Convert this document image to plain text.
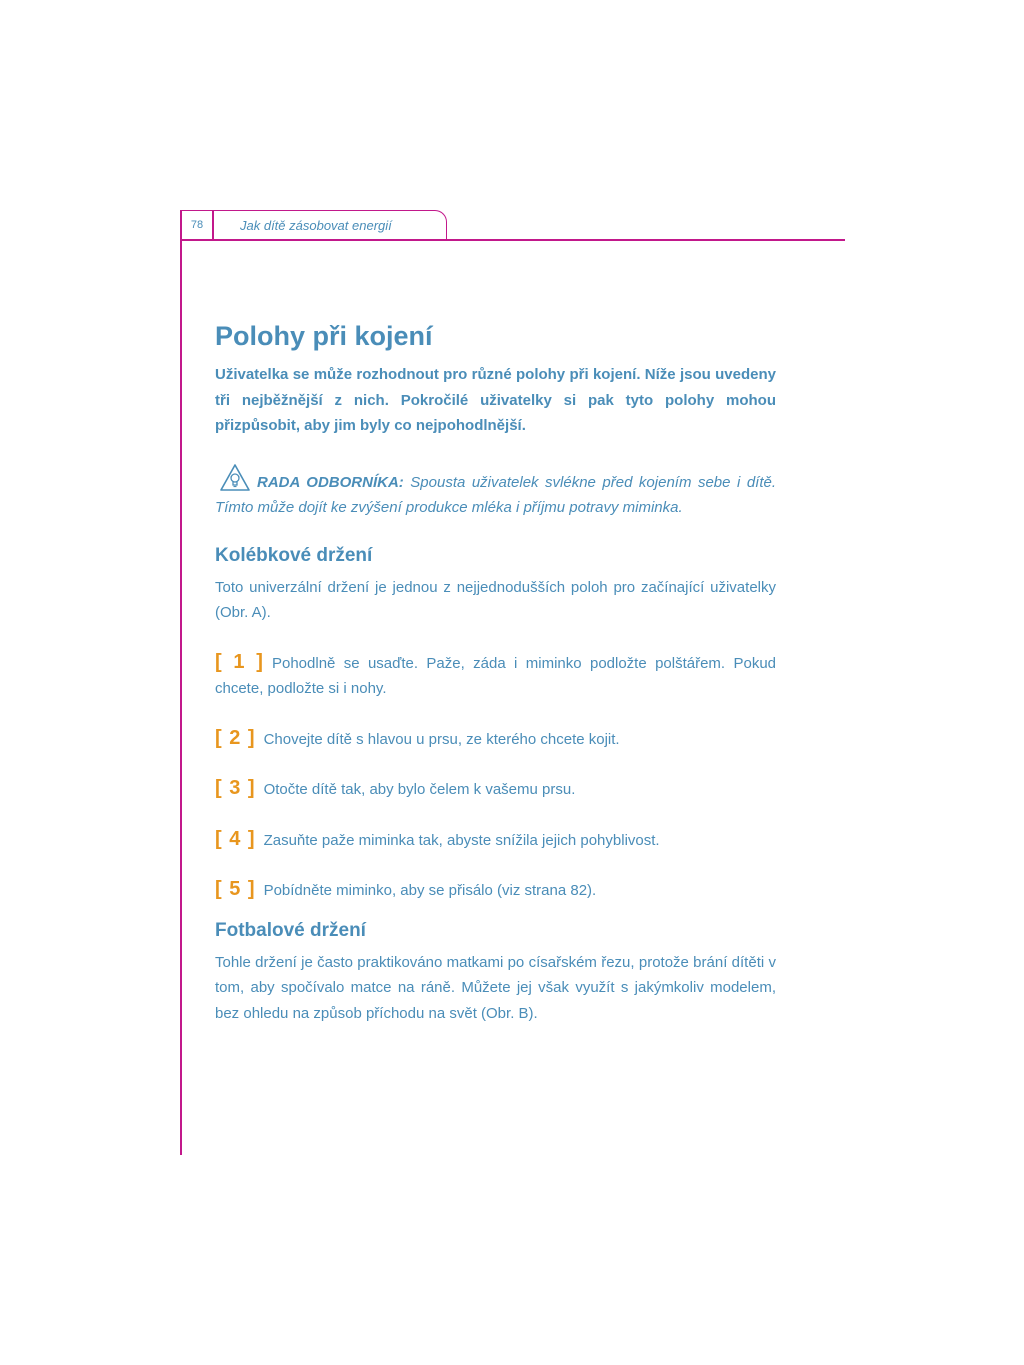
78	Jak dítě zásobovat energií
Polohy při kojení

Uživatelka se může rozhodnout pro různé polohy při kojení. Níže jsou uvedeny tři nejběžnější z nich. Pokročilé uživatelky si pak tyto polohy mohou přizpůsobit, aby jim byly co nejpohodlnější.

RADA ODBORNÍKA: Spousta uživatelek svlékne před kojením sebe i dítě. Tímto může dojít ke zvýšení produkce mléka i příjmu potravy miminka.

Kolébkové držení

Toto univerzální držení je jednou z nejjednodušších poloh pro začínající uživatelky (Obr. A).

[ 1 ] Pohodlně se usaďte. Paže, záda i miminko podložte polštářem. Pokud chcete, podložte si i nohy.
[ 2 ] Chovejte dítě s hlavou u prsu, ze kterého chcete kojit.
[ 3 ] Otočte dítě tak, aby bylo čelem k vašemu prsu.
[ 4 ] Zasuňte paže miminka tak, abyste snížila jejich pohyblivost.
[ 5 ] Pobídněte miminko, aby se přisálo (viz strana 82).
Fotbalové držení

Tohle držení je často praktikováno matkami po císařském řezu, protože brání dítěti v tom, aby spočívalo matce na ráně. Můžete jej však využít s jakýmkoliv modelem, bez ohledu na způsob příchodu na svět (Obr. B).
